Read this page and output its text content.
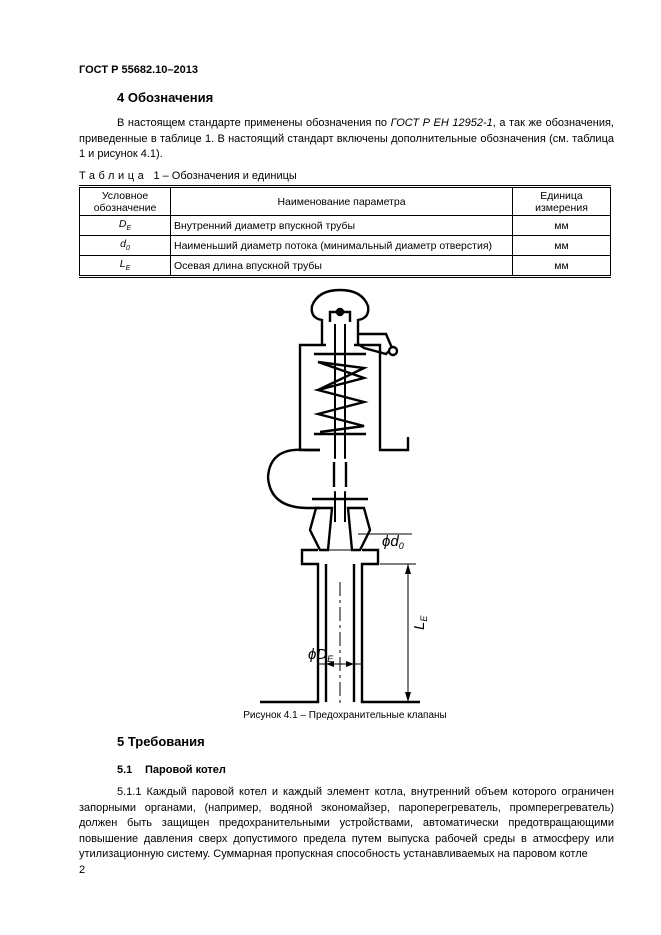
ГОСТ Р 55682.10–2013
4 Обозначения
В настоящем стандарте применены обозначения по ГОСТ Р ЕН 12952-1, а так же обозначения, приведенные в таблице 1. В настоящий стандарт включены дополнительные обозначения (см. таблица 1 и рисунок 4.1).
Таблица  1 – Обозначения и единицы
Условное обозначение	Наименование параметра	Единица измерения
$D_E$	Внутренний диаметр впускной трубы	мм
$d_0$	Наименьший диаметр потока (минимальный диаметр отверстия)	мм
$L_E$	Осевая длина впускной трубы	мм
$\phi d_0$
$\phi D_E$
$L_E$
Рисунок 4.1 – Предохранительные клапаны
5 Требования
5.1 Паровой котел
5.1.1 Каждый паровой котел и каждый элемент котла, внутренний объем которого ограничен запорными органами, (например, водяной экономайзер, пароперегреватель, промперегреватель) должен быть защищен предохранительными устройствами, автоматически предотвращающими повышение давления сверх допустимого предела путем выпуска рабочей среды в атмосферу или утилизационную систему. Суммарная пропускная способность устанавливаемых на паровом котле
2
